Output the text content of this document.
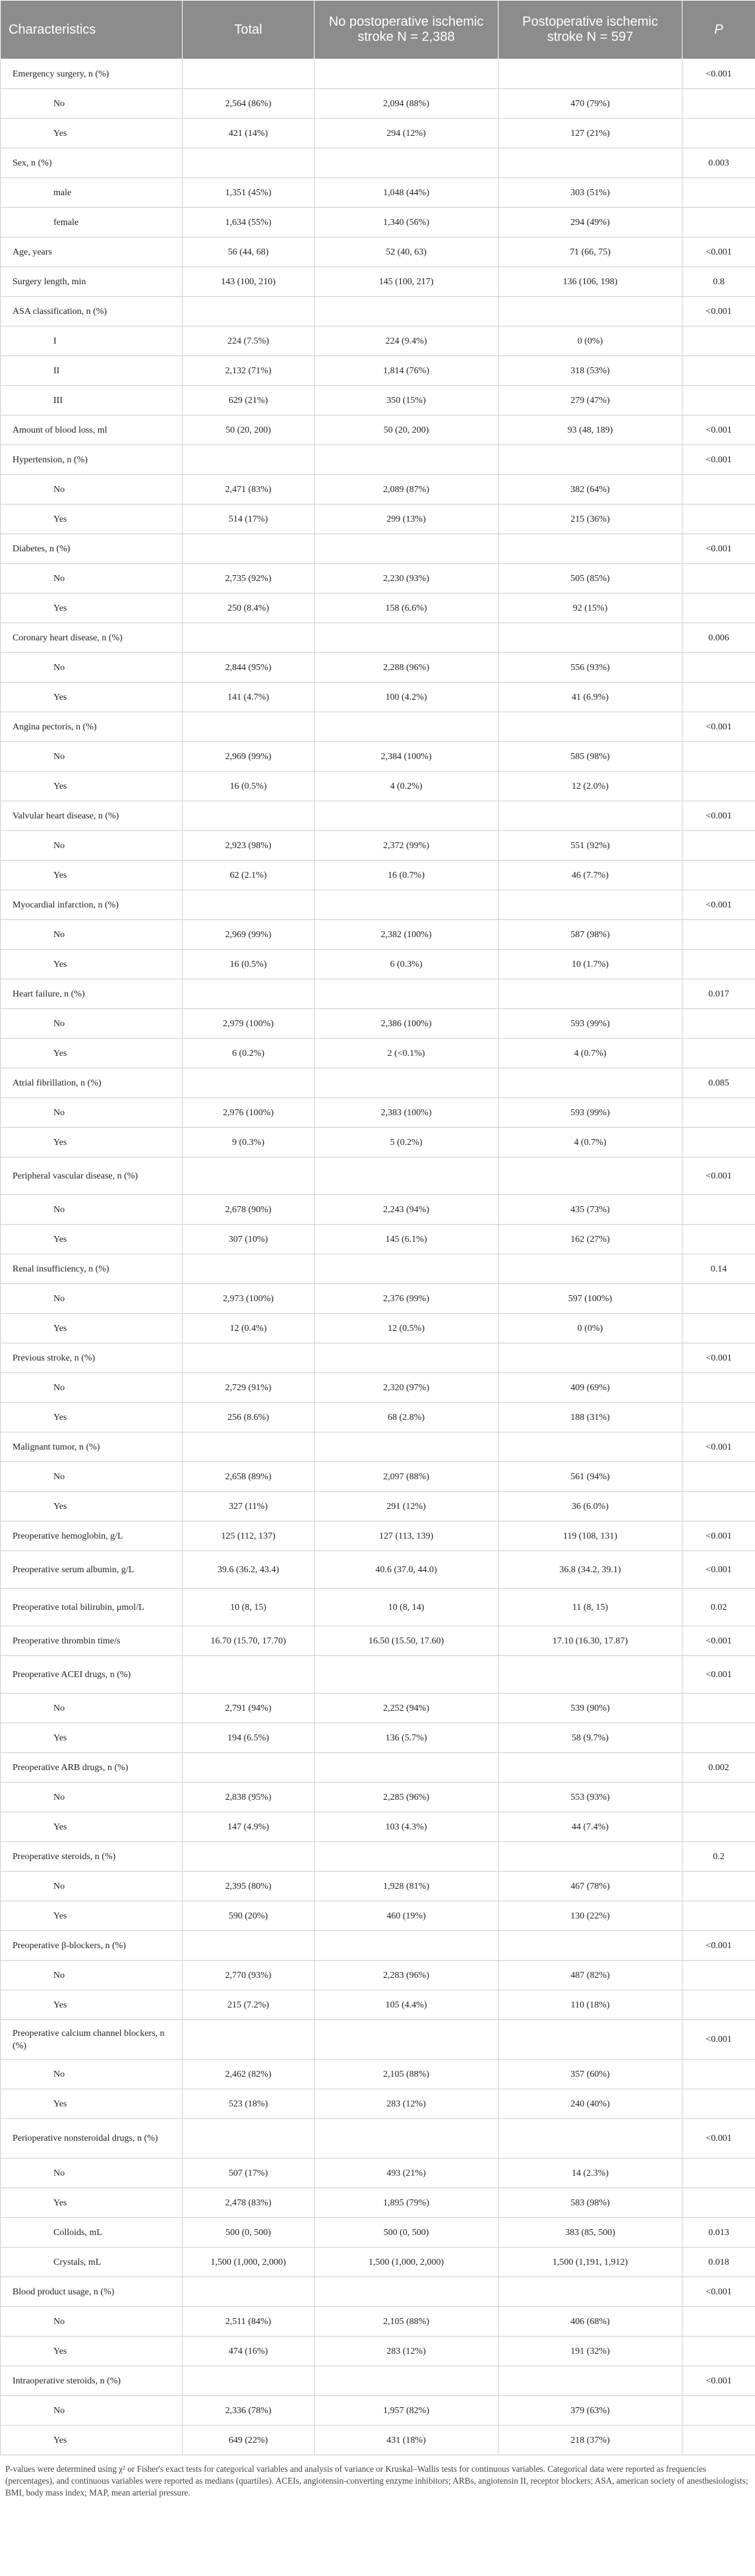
Characteristics	Total	No postoperative ischemic stroke N = 2,388	Postoperative ischemic stroke N = 597	P
Emergency surgery, n (%)				<0.001
No	2,564 (86%)	2,094 (88%)	470 (79%)	
Yes	421 (14%)	294 (12%)	127 (21%)	
Sex, n (%)				0.003
male	1,351 (45%)	1,048 (44%)	303 (51%)	
female	1,634 (55%)	1,340 (56%)	294 (49%)	
Age, years	56 (44, 68)	52 (40, 63)	71 (66, 75)	<0.001
Surgery length, min	143 (100, 210)	145 (100, 217)	136 (106, 198)	0.8
ASA classification, n (%)				<0.001
I	224 (7.5%)	224 (9.4%)	0 (0%)	
II	2,132 (71%)	1,814 (76%)	318 (53%)	
III	629 (21%)	350 (15%)	279 (47%)	
Amount of blood loss, ml	50 (20, 200)	50 (20, 200)	93 (48, 189)	<0.001
Hypertension, n (%)				<0.001
No	2,471 (83%)	2,089 (87%)	382 (64%)	
Yes	514 (17%)	299 (13%)	215 (36%)	
Diabetes, n (%)				<0.001
No	2,735 (92%)	2,230 (93%)	505 (85%)	
Yes	250 (8.4%)	158 (6.6%)	92 (15%)	
Coronary heart disease, n (%)				0.006
No	2,844 (95%)	2,288 (96%)	556 (93%)	
Yes	141 (4.7%)	100 (4.2%)	41 (6.9%)	
Angina pectoris, n (%)				<0.001
No	2,969 (99%)	2,384 (100%)	585 (98%)	
Yes	16 (0.5%)	4 (0.2%)	12 (2.0%)	
Valvular heart disease, n (%)				<0.001
No	2,923 (98%)	2,372 (99%)	551 (92%)	
Yes	62 (2.1%)	16 (0.7%)	46 (7.7%)	
Myocardial infarction, n (%)				<0.001
No	2,969 (99%)	2,382 (100%)	587 (98%)	
Yes	16 (0.5%)	6 (0.3%)	10 (1.7%)	
Heart failure, n (%)				0.017
No	2,979 (100%)	2,386 (100%)	593 (99%)	
Yes	6 (0.2%)	2 (<0.1%)	4 (0.7%)	
Atrial fibrillation, n (%)				0.085
No	2,976 (100%)	2,383 (100%)	593 (99%)	
Yes	9 (0.3%)	5 (0.2%)	4 (0.7%)	
Peripheral vascular disease, n (%)				<0.001
No	2,678 (90%)	2,243 (94%)	435 (73%)	
Yes	307 (10%)	145 (6.1%)	162 (27%)	
Renal insufficiency, n (%)				0.14
No	2,973 (100%)	2,376 (99%)	597 (100%)	
Yes	12 (0.4%)	12 (0.5%)	0 (0%)	
Previous stroke, n (%)				<0.001
No	2,729 (91%)	2,320 (97%)	409 (69%)	
Yes	256 (8.6%)	68 (2.8%)	188 (31%)	
Malignant tumor, n (%)				<0.001
No	2,658 (89%)	2,097 (88%)	561 (94%)	
Yes	327 (11%)	291 (12%)	36 (6.0%)	
Preoperative hemoglobin, g/L	125 (112, 137)	127 (113, 139)	119 (108, 131)	<0.001
Preoperative serum albumin, g/L	39.6 (36.2, 43.4)	40.6 (37.0, 44.0)	36.8 (34.2, 39.1)	<0.001
Preoperative total bilirubin, μmol/L	10 (8, 15)	10 (8, 14)	11 (8, 15)	0.02
Preoperative thrombin time/s	16.70 (15.70, 17.70)	16.50 (15.50, 17.60)	17.10 (16.30, 17.87)	<0.001
Preoperative ACEI drugs, n (%)				<0.001
No	2,791 (94%)	2,252 (94%)	539 (90%)	
Yes	194 (6.5%)	136 (5.7%)	58 (9.7%)	
Preoperative ARB drugs, n (%)				0.002
No	2,838 (95%)	2,285 (96%)	553 (93%)	
Yes	147 (4.9%)	103 (4.3%)	44 (7.4%)	
Preoperative steroids, n (%)				0.2
No	2,395 (80%)	1,928 (81%)	467 (78%)	
Yes	590 (20%)	460 (19%)	130 (22%)	
Preoperative β-blockers, n (%)				<0.001
No	2,770 (93%)	2,283 (96%)	487 (82%)	
Yes	215 (7.2%)	105 (4.4%)	110 (18%)	
Preoperative calcium channel blockers, n (%)				<0.001
No	2,462 (82%)	2,105 (88%)	357 (60%)	
Yes	523 (18%)	283 (12%)	240 (40%)	
Perioperative nonsteroidal drugs, n (%)				<0.001
No	507 (17%)	493 (21%)	14 (2.3%)	
Yes	2,478 (83%)	1,895 (79%)	583 (98%)	
Colloids, mL	500 (0, 500)	500 (0, 500)	383 (85, 500)	0.013
Crystals, mL	1,500 (1,000, 2,000)	1,500 (1,000, 2,000)	1,500 (1,191, 1,912)	0.018
Blood product usage, n (%)				<0.001
No	2,511 (84%)	2,105 (88%)	406 (68%)	
Yes	474 (16%)	283 (12%)	191 (32%)	
Intraoperative steroids, n (%)				<0.001
No	2,336 (78%)	1,957 (82%)	379 (63%)	
Yes	649 (22%)	431 (18%)	218 (37%)	
P-values were determined using χ² or Fisher's exact tests for categorical variables and analysis of variance or Kruskal–Wallis tests for continuous variables. Categorical data were reported as frequencies (percentages), and continuous variables were reported as medians (quartiles). ACEIs, angiotensin-converting enzyme inhibitors; ARBs, angiotensin II, receptor blockers; ASA, american society of anesthesiologists; BMI, body mass index; MAP, mean arterial pressure.
